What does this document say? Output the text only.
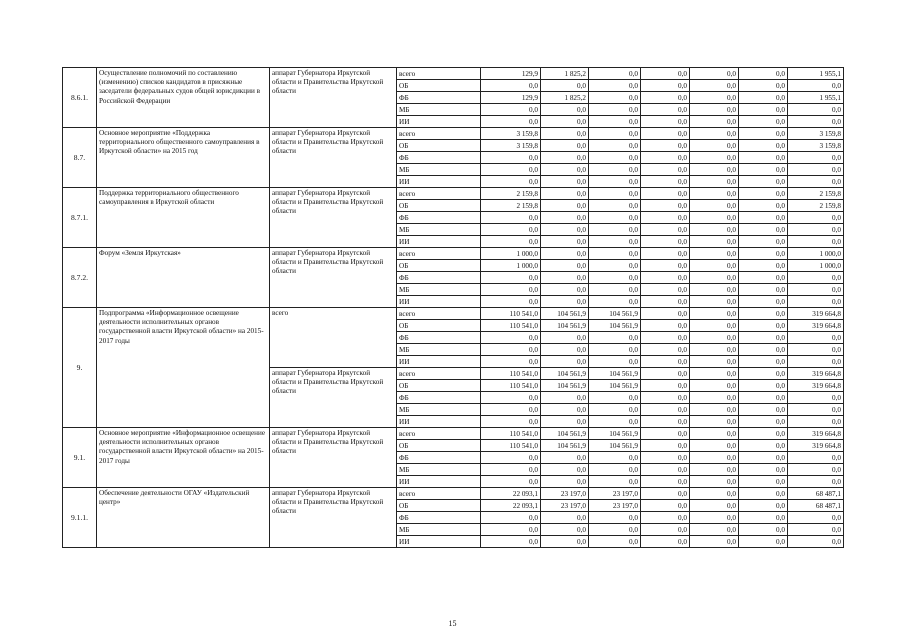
8.6.1.	Осуществление полномочий по составлению (изменению) списков кандидатов в присяжные заседатели федеральных судов общей юрисдикции в Российской Федерации	аппарат Губернатора Иркутской области и Правительства Иркутской области	всего	129,9	1 825,2	0,0	0,0	0,0	0,0	1 955,1
			ОБ	0,0	0,0	0,0	0,0	0,0	0,0	0,0
			ФБ	129,9	1 825,2	0,0	0,0	0,0	0,0	1 955,1
			МБ	0,0	0,0	0,0	0,0	0,0	0,0	0,0
			ИИ	0,0	0,0	0,0	0,0	0,0	0,0	0,0
8.7.	Основное мероприятие «Поддержка территориального общественного самоуправления в Иркутской области» на 2015 год	аппарат Губернатора Иркутской области и Правительства Иркутской области	всего	3 159,8	0,0	0,0	0,0	0,0	0,0	3 159,8
			ОБ	3 159,8	0,0	0,0	0,0	0,0	0,0	3 159,8
			ФБ	0,0	0,0	0,0	0,0	0,0	0,0	0,0
			МБ	0,0	0,0	0,0	0,0	0,0	0,0	0,0
			ИИ	0,0	0,0	0,0	0,0	0,0	0,0	0,0
8.7.1.	Поддержка территориального общественного самоуправления в Иркутской области	аппарат Губернатора Иркутской области и Правительства Иркутской области	всего	2 159,8	0,0	0,0	0,0	0,0	0,0	2 159,8
			ОБ	2 159,8	0,0	0,0	0,0	0,0	0,0	2 159,8
			ФБ	0,0	0,0	0,0	0,0	0,0	0,0	0,0
			МБ	0,0	0,0	0,0	0,0	0,0	0,0	0,0
			ИИ	0,0	0,0	0,0	0,0	0,0	0,0	0,0
8.7.2.	Форум «Земля Иркутская»	аппарат Губернатора Иркутской области и Правительства Иркутской области	всего	1 000,0	0,0	0,0	0,0	0,0	0,0	1 000,0
			ОБ	1 000,0	0,0	0,0	0,0	0,0	0,0	1 000,0
			ФБ	0,0	0,0	0,0	0,0	0,0	0,0	0,0
			МБ	0,0	0,0	0,0	0,0	0,0	0,0	0,0
			ИИ	0,0	0,0	0,0	0,0	0,0	0,0	0,0
9.	Подпрограмма «Информационное освещение деятельности исполнительных органов государственной власти Иркутской области» на 2015-2017 годы	всего	всего	110 541,0	104 561,9	104 561,9	0,0	0,0	0,0	319 664,8
			ОБ	110 541,0	104 561,9	104 561,9	0,0	0,0	0,0	319 664,8
			ФБ	0,0	0,0	0,0	0,0	0,0	0,0	0,0
			МБ	0,0	0,0	0,0	0,0	0,0	0,0	0,0
			ИИ	0,0	0,0	0,0	0,0	0,0	0,0	0,0
		аппарат Губернатора Иркутской области и Правительства Иркутской области	всего	110 541,0	104 561,9	104 561,9	0,0	0,0	0,0	319 664,8
			ОБ	110 541,0	104 561,9	104 561,9	0,0	0,0	0,0	319 664,8
			ФБ	0,0	0,0	0,0	0,0	0,0	0,0	0,0
			МБ	0,0	0,0	0,0	0,0	0,0	0,0	0,0
			ИИ	0,0	0,0	0,0	0,0	0,0	0,0	0,0
9.1.	Основное мероприятие «Информационное освещение деятельности исполнительных органов государственной власти Иркутской области» на 2015-2017 годы	аппарат Губернатора Иркутской области и Правительства Иркутской области	всего	110 541,0	104 561,9	104 561,9	0,0	0,0	0,0	319 664,8
			ОБ	110 541,0	104 561,9	104 561,9	0,0	0,0	0,0	319 664,8
			ФБ	0,0	0,0	0,0	0,0	0,0	0,0	0,0
			МБ	0,0	0,0	0,0	0,0	0,0	0,0	0,0
			ИИ	0,0	0,0	0,0	0,0	0,0	0,0	0,0
9.1.1.	Обеспечение деятельности ОГАУ «Издательский центр»	аппарат Губернатора Иркутской области и Правительства Иркутской области	всего	22 093,1	23 197,0	23 197,0	0,0	0,0	0,0	68 487,1
			ОБ	22 093,1	23 197,0	23 197,0	0,0	0,0	0,0	68 487,1
			ФБ	0,0	0,0	0,0	0,0	0,0	0,0	0,0
			МБ	0,0	0,0	0,0	0,0	0,0	0,0	0,0
			ИИ	0,0	0,0	0,0	0,0	0,0	0,0	0,0
15
